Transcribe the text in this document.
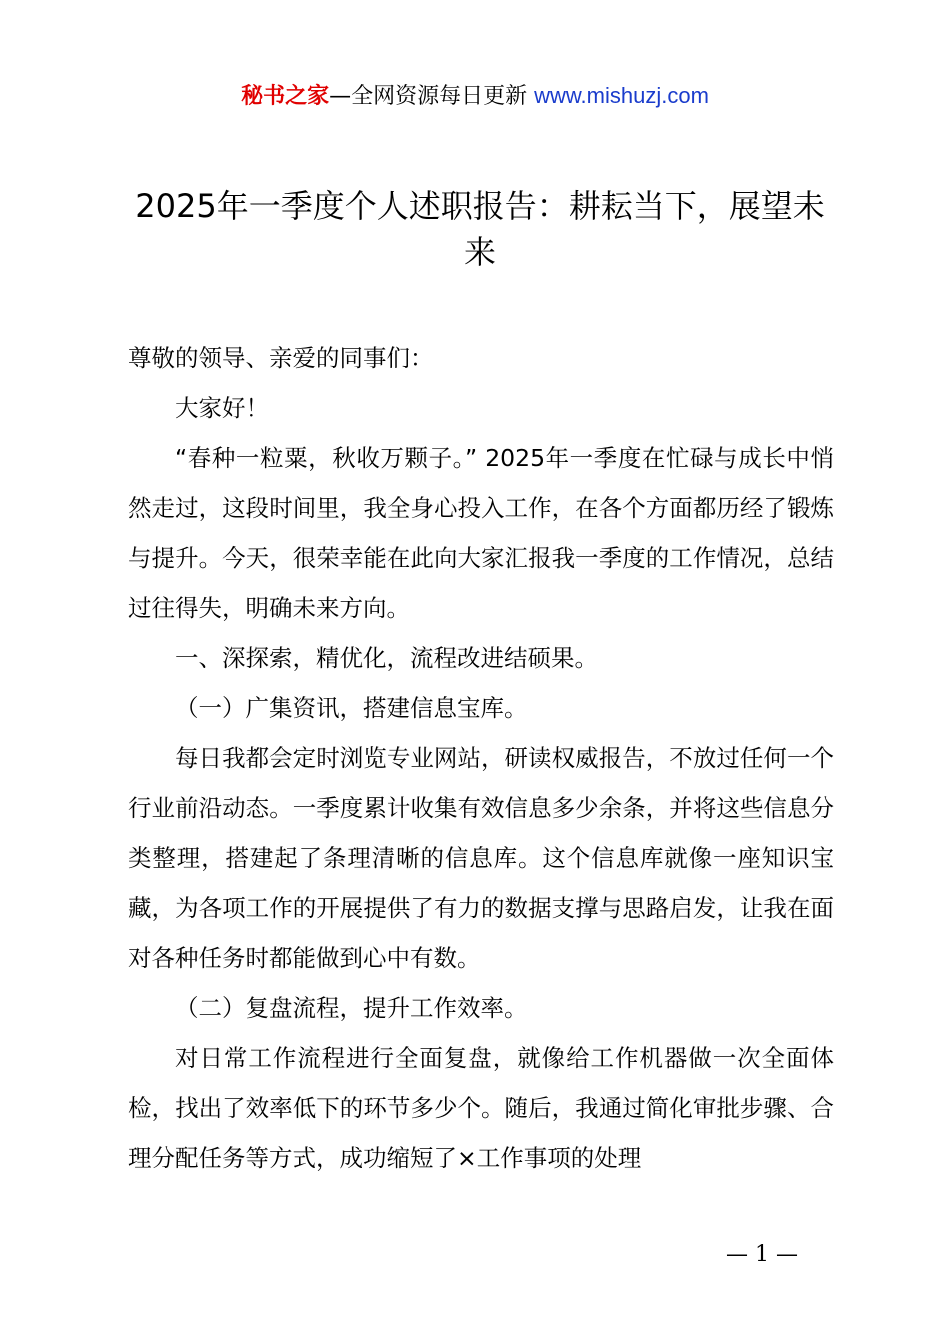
秘书之家—全网资源每日更新 www.mishuzj.com
2025年一季度个人述职报告：耕耘当下，展望未来

尊敬的领导、亲爱的同事们：

大家好！

“春种一粒粟，秋收万颗子。” 2025年一季度在忙碌与成长中悄然走过，这段时间里，我全身心投入工作，在各个方面都历经了锻炼与提升。今天，很荣幸能在此向大家汇报我一季度的工作情况，总结过往得失，明确未来方向。

一、深探索，精优化，流程改进结硕果。

（一）广集资讯，搭建信息宝库。

每日我都会定时浏览专业网站，研读权威报告，不放过任何一个行业前沿动态。一季度累计收集有效信息多少余条，并将这些信息分类整理，搭建起了条理清晰的信息库。这个信息库就像一座知识宝藏，为各项工作的开展提供了有力的数据支撑与思路启发，让我在面对各种任务时都能做到心中有数。

（二）复盘流程，提升工作效率。

对日常工作流程进行全面复盘，就像给工作机器做一次全面体检，找出了效率低下的环节多少个。随后，我通过简化审批步骤、合理分配任务等方式，成功缩短了×工作事项的处理

— 1 —
